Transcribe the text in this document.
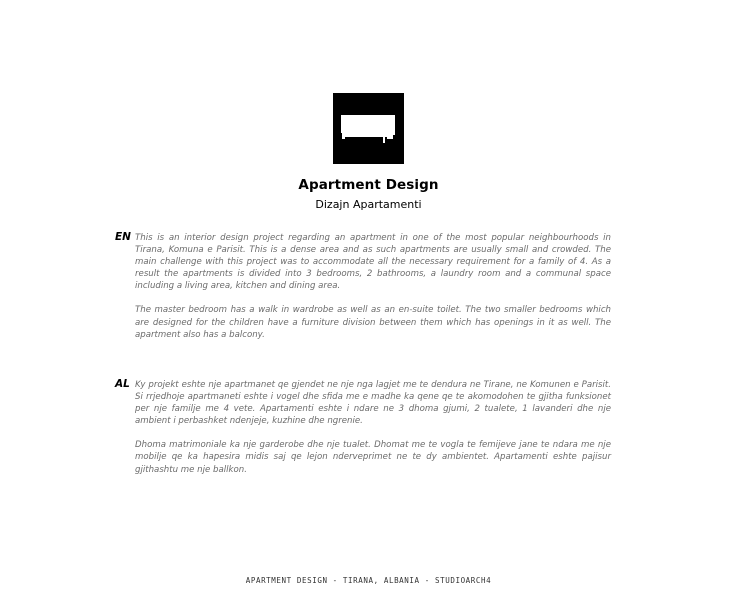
Apartment Design
Dizajn Apartamenti
EN This is an interior design project regarding an apartment in one of the most popular neighbourhoods in Tirana, Komuna e Parisit. This is a dense area and as such apartments are usually small and crowded. The main challenge with this project was to accommodate all the necessary requirement for a family of 4. As a result the apartments is divided into 3 bedrooms, 2 bathrooms, a laundry room and a communal space including a living area, kitchen and dining area.

The master bedroom has a walk in wardrobe as well as an en-suite toilet. The two smaller bedrooms which are designed for the children have a furniture division between them which has openings in it as well. The apartment also has a balcony.

AL Ky projekt eshte nje apartmanet qe gjendet ne nje nga lagjet me te dendura ne Tirane, ne Komunen e Parisit. Si rrjedhoje apartmaneti eshte i vogel dhe sfida me e madhe ka qene qe te akomodohen te gjitha funksionet per nje familje me 4 vete. Apartamenti eshte i ndare ne 3 dhoma gjumi, 2 tualete, 1 lavanderi dhe nje ambient i perbashket ndenjeje, kuzhine dhe ngrenie.

Dhoma matrimoniale ka nje garderobe dhe nje tualet. Dhomat me te vogla te femijeve jane te ndara me nje mobilje qe ka hapesira midis saj qe lejon nderveprimet ne te dy ambientet. Apartamenti eshte pajisur gjithashtu me nje ballkon.

APARTMENT DESIGN - TIRANA, ALBANIA - STUDIOARCH4
